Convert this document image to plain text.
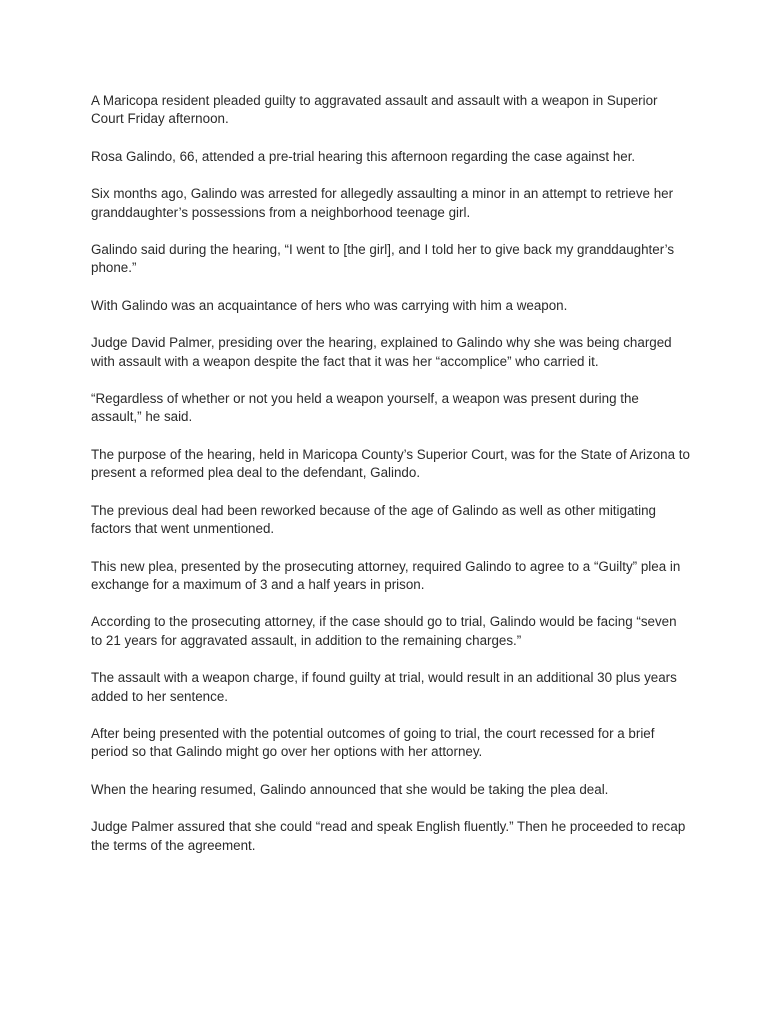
A Maricopa resident pleaded guilty to aggravated assault and assault with a weapon in Superior Court Friday afternoon.

Rosa Galindo, 66, attended a pre-trial hearing this afternoon regarding the case against her.

Six months ago, Galindo was arrested for allegedly assaulting a minor in an attempt to retrieve her granddaughter’s possessions from a neighborhood teenage girl.

Galindo said during the hearing, “I went to [the girl], and I told her to give back my granddaughter’s phone.”

With Galindo was an acquaintance of hers who was carrying with him a weapon.

Judge David Palmer, presiding over the hearing, explained to Galindo why she was being charged with assault with a weapon despite the fact that it was her “accomplice” who carried it.

“Regardless of whether or not you held a weapon yourself, a weapon was present during the assault,” he said.

The purpose of the hearing, held in Maricopa County’s Superior Court, was for the State of Arizona to present a reformed plea deal to the defendant, Galindo.

The previous deal had been reworked because of the age of Galindo as well as other mitigating factors that went unmentioned.

This new plea, presented by the prosecuting attorney, required Galindo to agree to a “Guilty” plea in exchange for a maximum of 3 and a half years in prison.

According to the prosecuting attorney, if the case should go to trial, Galindo would be facing “seven to 21 years for aggravated assault, in addition to the remaining charges.”

The assault with a weapon charge, if found guilty at trial, would result in an additional 30 plus years added to her sentence.

After being presented with the potential outcomes of going to trial, the court recessed for a brief period so that Galindo might go over her options with her attorney.

When the hearing resumed, Galindo announced that she would be taking the plea deal.

Judge Palmer assured that she could “read and speak English fluently.” Then he proceeded to recap the terms of the agreement.
